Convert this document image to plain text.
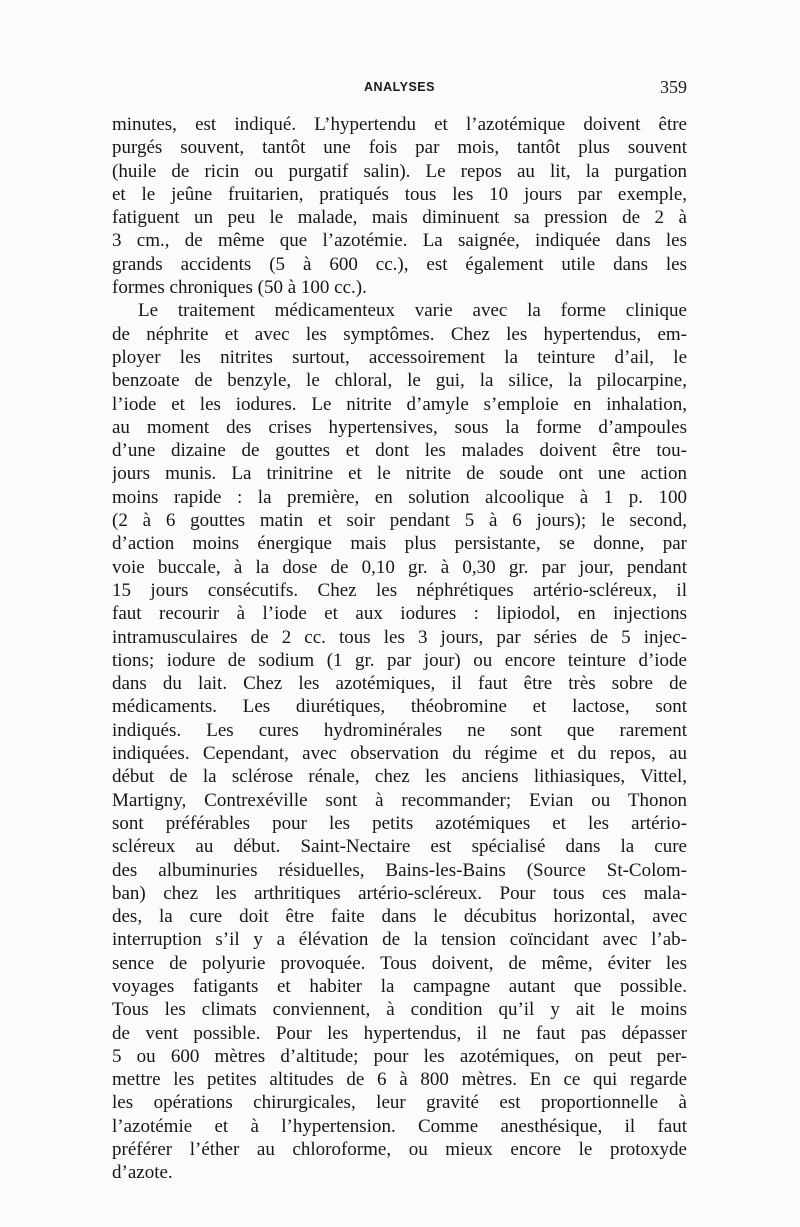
ANALYSES	359
minutes, est indiqué. L’hypertendu et l’azotémique doivent être
purgés souvent, tantôt une fois par mois, tantôt plus souvent
(huile de ricin ou purgatif salin). Le repos au lit, la purgation
et le jeûne fruitarien, pratiqués tous les 10 jours par exemple,
fatiguent un peu le malade, mais diminuent sa pression de 2 à
3 cm., de même que l’azotémie. La saignée, indiquée dans les
grands accidents (5 à 600 cc.), est également utile dans les
formes chroniques (50 à 100 cc.).
Le traitement médicamenteux varie avec la forme clinique
de néphrite et avec les symptômes. Chez les hypertendus, em-
ployer les nitrites surtout, accessoirement la teinture d’ail, le
benzoate de benzyle, le chloral, le gui, la silice, la pilocarpine,
l’iode et les iodures. Le nitrite d’amyle s’emploie en inhalation,
au moment des crises hypertensives, sous la forme d’ampoules
d’une dizaine de gouttes et dont les malades doivent être tou-
jours munis. La trinitrine et le nitrite de soude ont une action
moins rapide : la première, en solution alcoolique à 1 p. 100
(2 à 6 gouttes matin et soir pendant 5 à 6 jours); le second,
d’action moins énergique mais plus persistante, se donne, par
voie buccale, à la dose de 0,10 gr. à 0,30 gr. par jour, pendant
15 jours consécutifs. Chez les néphrétiques artério-scléreux, il
faut recourir à l’iode et aux iodures : lipiodol, en injections
intramusculaires de 2 cc. tous les 3 jours, par séries de 5 injec-
tions; iodure de sodium (1 gr. par jour) ou encore teinture d’iode
dans du lait. Chez les azotémiques, il faut être très sobre de
médicaments. Les diurétiques, théobromine et lactose, sont
indiqués. Les cures hydrominérales ne sont que rarement
indiquées. Cependant, avec observation du régime et du repos, au
début de la sclérose rénale, chez les anciens lithiasiques, Vittel,
Martigny, Contrexéville sont à recommander; Evian ou Thonon
sont préférables pour les petits azotémiques et les artério-
scléreux au début. Saint-Nectaire est spécialisé dans la cure
des albuminuries résiduelles, Bains-les-Bains (Source St-Colom-
ban) chez les arthritiques artério-scléreux. Pour tous ces mala-
des, la cure doit être faite dans le décubitus horizontal, avec
interruption s’il y a élévation de la tension coïncidant avec l’ab-
sence de polyurie provoquée. Tous doivent, de même, éviter les
voyages fatigants et habiter la campagne autant que possible.
Tous les climats conviennent, à condition qu’il y ait le moins
de vent possible. Pour les hypertendus, il ne faut pas dépasser
5 ou 600 mètres d’altitude; pour les azotémiques, on peut per-
mettre les petites altitudes de 6 à 800 mètres. En ce qui regarde
les opérations chirurgicales, leur gravité est proportionnelle à
l’azotémie et à l’hypertension. Comme anesthésique, il faut
préférer l’éther au chloroforme, ou mieux encore le protoxyde
d’azote.
